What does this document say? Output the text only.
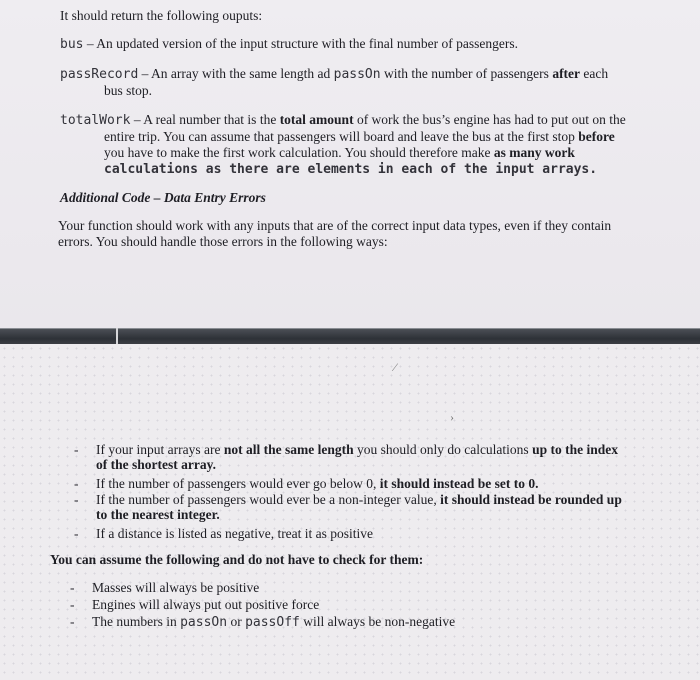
It should return the following ouputs:
bus – An updated version of the input structure with the final number of passengers.
passRecord – An array with the same length ad passOn with the number of passengers after each
bus stop.
totalWork – A real number that is the total amount of work the bus’s engine has had to put out on the
entire trip. You can assume that passengers will board and leave the bus at the first stop before
you have to make the first work calculation. You should therefore make as many work
calculations as there are elements in each of the input arrays.
Additional Code – Data Entry Errors
Your function should work with any inputs that are of the correct input data types, even if they contain
errors. You should handle those errors in the following ways:
⁄
›
- If your input arrays are not all the same length you should only do calculations up to the index
of the shortest array.
- If the number of passengers would ever go below 0, it should instead be set to 0.
- If the number of passengers would ever be a non-integer value, it should instead be rounded up
to the nearest integer.
- If a distance is listed as negative, treat it as positive
You can assume the following and do not have to check for them:
- Masses will always be positive
- Engines will always put out positive force
- The numbers in passOn or passOff will always be non-negative
